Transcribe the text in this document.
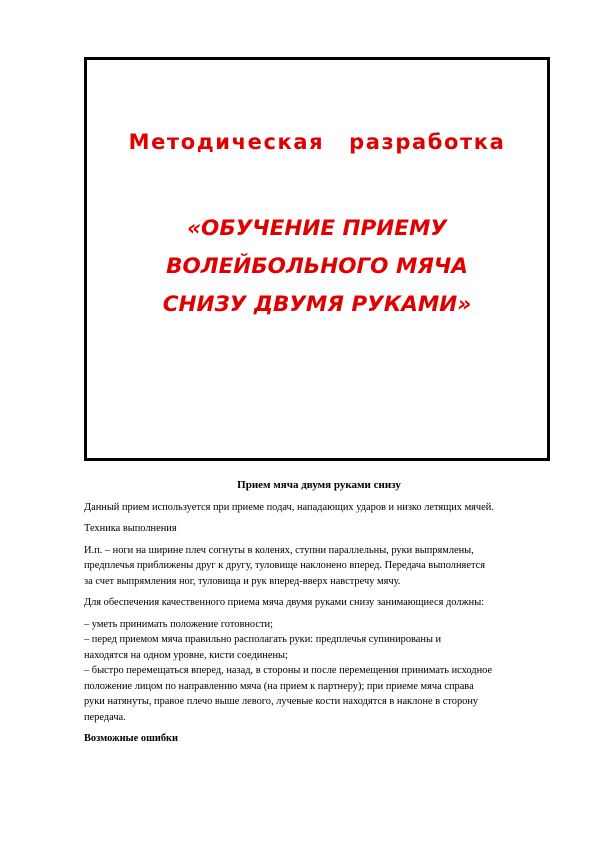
Методическая разработка
«ОБУЧЕНИЕ ПРИЕМУ
ВОЛЕЙБОЛЬНОГО МЯЧА
СНИЗУ ДВУМЯ РУКАМИ»

Прием мяча двумя руками снизу

Данный прием используется при приеме подач, нападающих ударов и низко летящих мячей.

Техника выполнения

И.п. – ноги на ширине плеч согнуты в коленях, ступни параллельны, руки выпрямлены,

предплечья приближены друг к другу, туловище наклонено вперед. Передача выполняется

за счет выпрямления ног, туловища и рук вперед-вверх навстречу мячу.

Для обеспечения качественного приема мяча двумя руками снизу занимающиеся должны:

– уметь принимать положение готовности;

– перед приемом мяча правильно располагать руки: предплечья супинированы и

находятся на одном уровне, кисти соединены;

– быстро перемещаться вперед, назад, в стороны и после перемещения принимать исходное

положение лицом по направлению мяча (на прием к партнеру); при приеме мяча справа

руки натянуты, правое плечо выше левого, лучевые кости находятся в наклоне в сторону

передача.

Возможные ошибки
